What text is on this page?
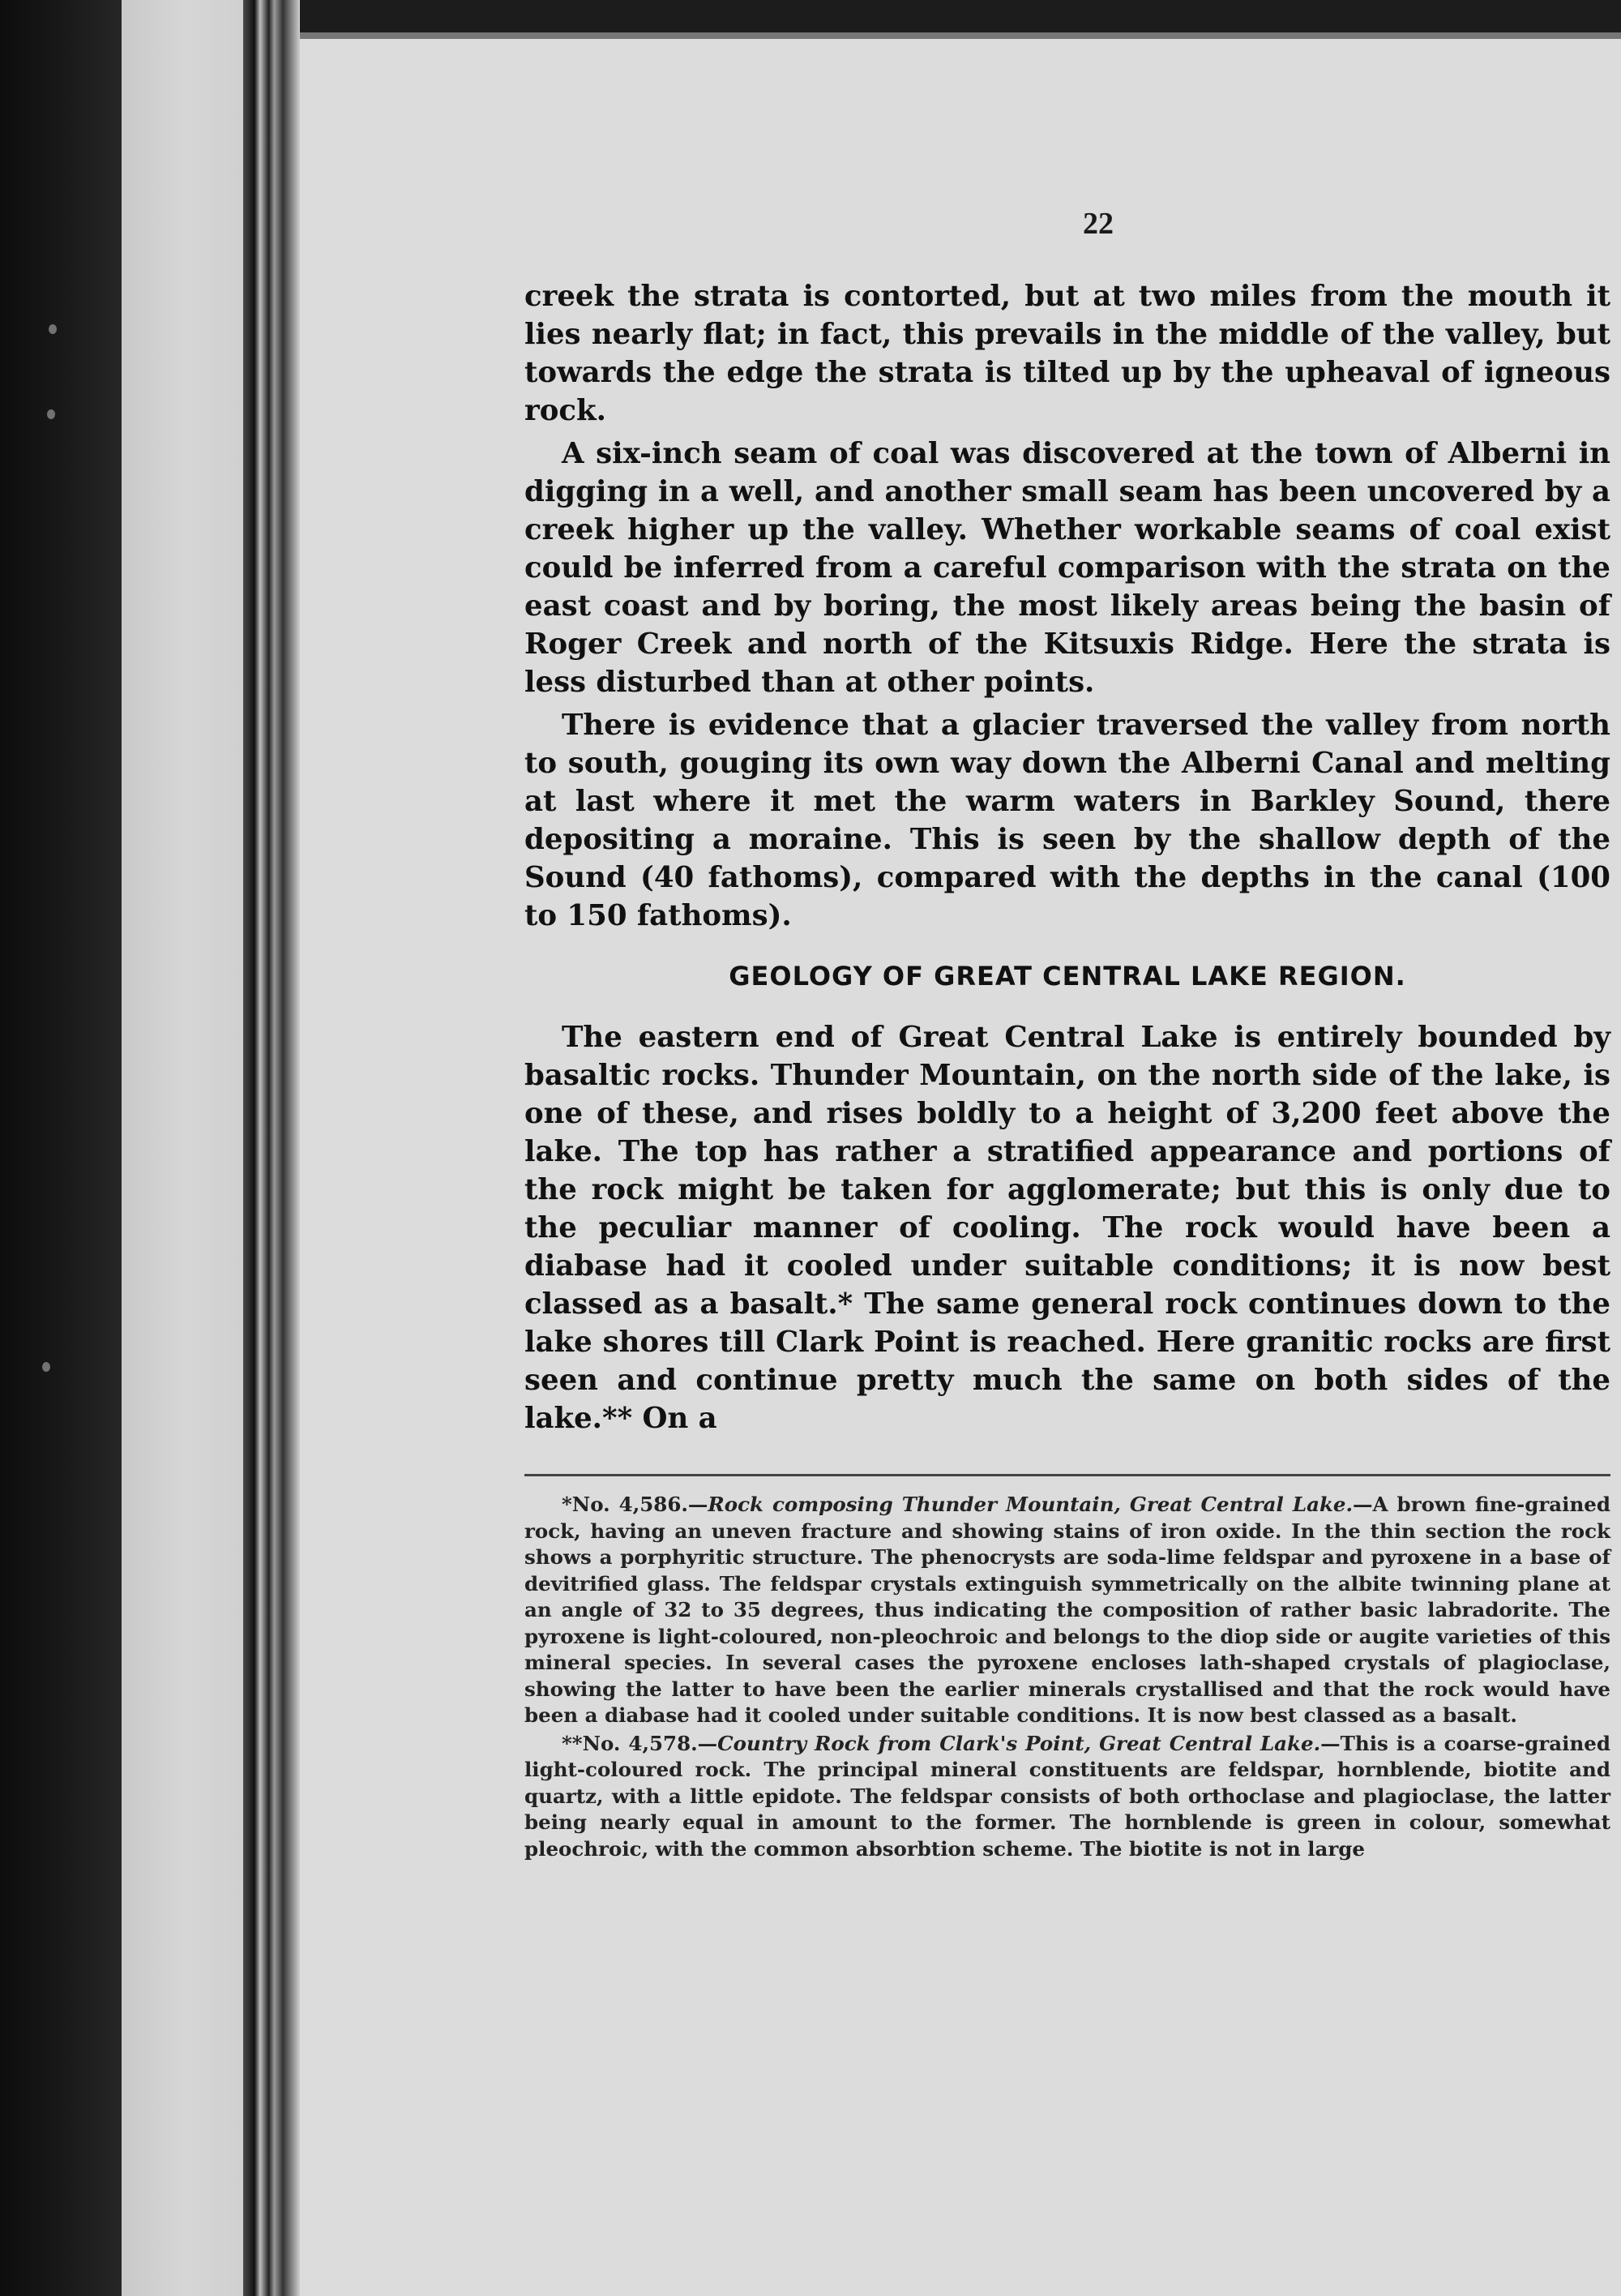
22

creek the strata is contorted, but at two miles from the mouth it lies nearly flat; in fact, this prevails in the middle of the valley, but towards the edge the strata is tilted up by the upheaval of igneous rock.

A six-inch seam of coal was discovered at the town of Alberni in digging in a well, and another small seam has been uncovered by a creek higher up the valley. Whether workable seams of coal exist could be inferred from a careful comparison with the strata on the east coast and by boring, the most likely areas being the basin of Roger Creek and north of the Kitsuxis Ridge. Here the strata is less disturbed than at other points.

There is evidence that a glacier traversed the valley from north to south, gouging its own way down the Alberni Canal and melting at last where it met the warm waters in Barkley Sound, there depositing a moraine. This is seen by the shallow depth of the Sound (40 fathoms), compared with the depths in the canal (100 to 150 fathoms).

GEOLOGY OF GREAT CENTRAL LAKE REGION.

The eastern end of Great Central Lake is entirely bounded by basaltic rocks. Thunder Mountain, on the north side of the lake, is one of these, and rises boldly to a height of 3,200 feet above the lake. The top has rather a stratified appearance and portions of the rock might be taken for agglomerate; but this is only due to the peculiar manner of cooling. The rock would have been a diabase had it cooled under suitable conditions; it is now best classed as a basalt.* The same general rock continues down to the lake shores till Clark Point is reached. Here granitic rocks are first seen and continue pretty much the same on both sides of the lake.** On a

*No. 4,586.—Rock composing Thunder Mountain, Great Central Lake.—A brown fine-grained rock, having an uneven fracture and showing stains of iron oxide. In the thin section the rock shows a porphyritic structure. The phenocrysts are soda-lime feldspar and pyroxene in a base of devitrified glass. The feldspar crystals extinguish symmetrically on the albite twinning plane at an angle of 32 to 35 degrees, thus indicating the composition of rather basic labradorite. The pyroxene is light-coloured, non-pleochroic and belongs to the diop side or augite varieties of this mineral species. In several cases the pyroxene encloses lath-shaped crystals of plagioclase, showing the latter to have been the earlier minerals crystallised and that the rock would have been a diabase had it cooled under suitable conditions. It is now best classed as a basalt.

**No. 4,578.—Country Rock from Clark's Point, Great Central Lake.—This is a coarse-grained light-coloured rock. The principal mineral constituents are feldspar, hornblende, biotite and quartz, with a little epidote. The feldspar consists of both orthoclase and plagioclase, the latter being nearly equal in amount to the former. The hornblende is green in colour, somewhat pleochroic, with the common absorbtion scheme. The biotite is not in large
